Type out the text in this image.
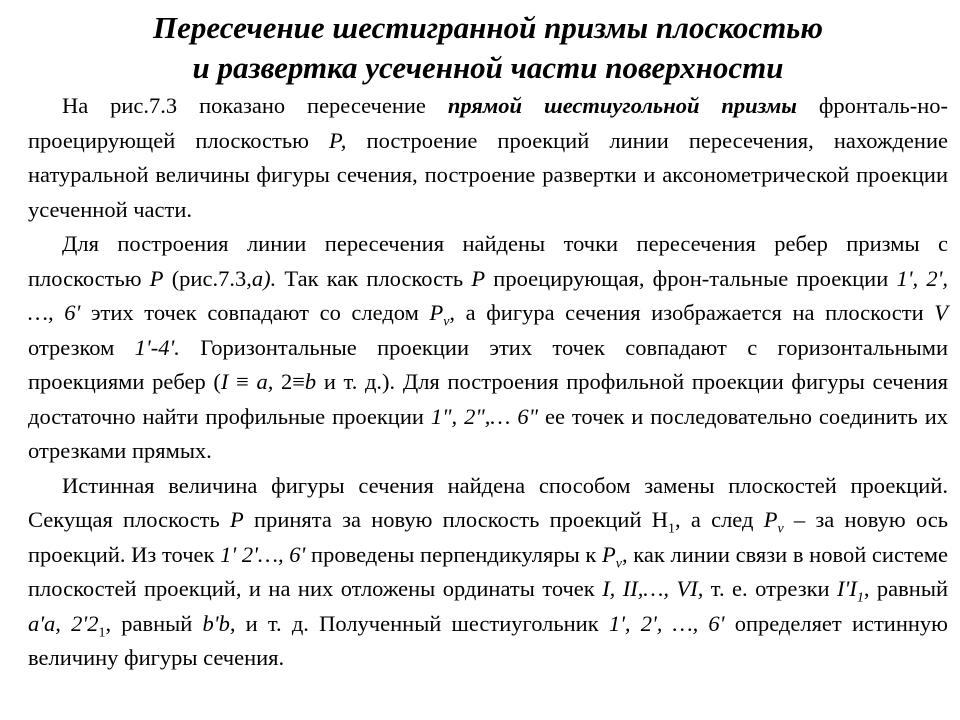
Пересечение шестигранной призмы плоскостью
и развертка усеченной части поверхности

На рис.7.3 показано пересечение прямой шестиугольной призмы фронталь-но-проецирующей плоскостью Р, построение проекций линии пересечения, нахождение натуральной величины фигуры сечения, построение развертки и аксонометрической проекции усеченной части.

Для построения линии пересечения найдены точки пересечения ребер призмы с плоскостью Р (рис.7.3,а). Так как плоскость Р проецирующая, фрон-тальные проекции 1', 2', …, 6' этих точек совпадают со следом $P_v$, а фигура сечения изображается на плоскости V отрезком 1'-4'. Горизонтальные проекции этих точек совпадают с горизонтальными проекциями ребер (I ≡ а, 2≡b и т. д.). Для построения профильной проекции фигуры сечения достаточно найти профильные проекции 1", 2",… 6" ее точек и последовательно соединить их отрезками прямых.

Истинная величина фигуры сечения найдена способом замены плоскостей проекций. Секущая плоскость Р принята за новую плоскость проекций $Н_1$, а след $P_v$ – за новую ось проекций. Из точек 1' 2'…, 6' проведены перпендикуляры к $P_v$, как линии связи в новой системе плоскостей проекций, и на них отложены ординаты точек I, II,…, VI, т. е. отрезки $I'I_1$, равный а'а, $2'2_1$, равный b'b, и т. д. Полученный шестиугольник 1', 2', …, 6' определяет истинную величину фигуры сечения.
